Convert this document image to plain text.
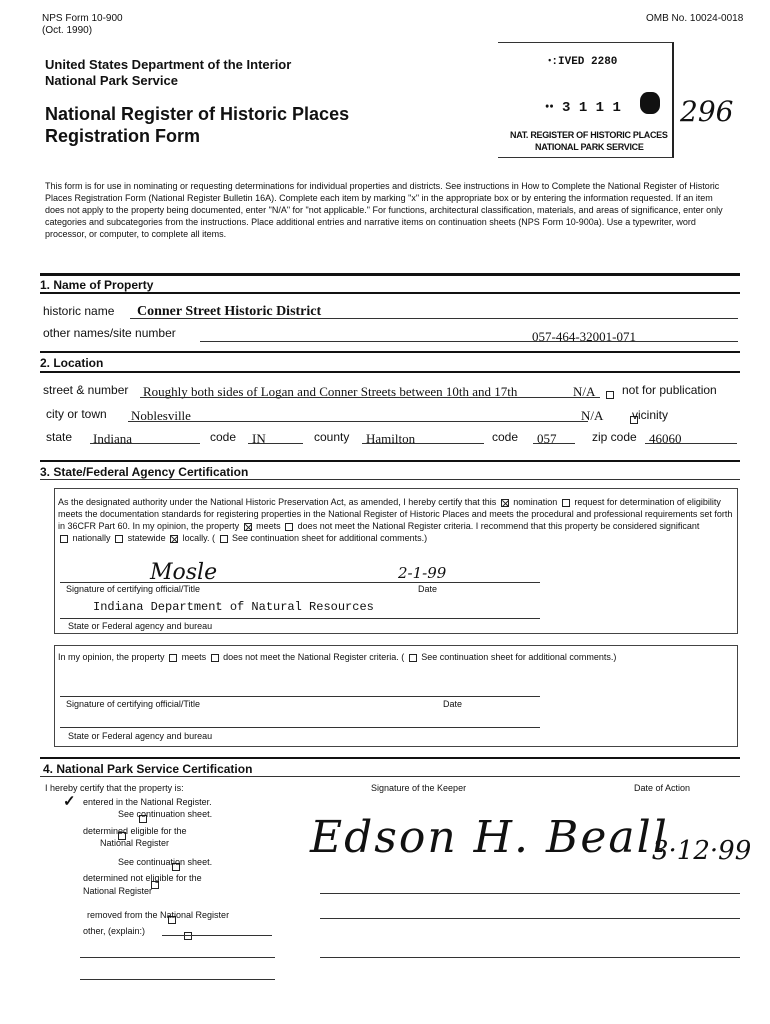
NPS Form 10-900
(Oct. 1990)
OMB No. 10024-0018
United States Department of the Interior
National Park Service
National Register of Historic Places
Registration Form
ꞏ:IVED 2280
ꞏꞏ 3 1 1 1
NAT. REGISTER OF HISTORIC PLACES
NATIONAL PARK SERVICE
296
This form is for use in nominating or requesting determinations for individual properties and districts. See instructions in How to Complete the National Register of Historic Places Registration Form (National Register Bulletin 16A). Complete each item by marking "x" in the appropriate box or by entering the information requested. If an item does not apply to the property being documented, enter "N/A" for "not applicable." For functions, architectural classification, materials, and areas of significance, enter only categories and subcategories from the instructions. Place additional entries and narrative items on continuation sheets (NPS Form 10-900a). Use a typewriter, word processor, or computer, to complete all items.
1. Name of Property
historic name Conner Street Historic District
other names/site number	057-464-32001-071
2. Location
street & number Roughly both sides of Logan and Conner Streets between 10th and 17th	N/A
not for publication
city or town Noblesville	N/A
vicinity
state Indiana	code IN	county Hamilton	code 057	zip code 46060
3. State/Federal Agency Certification
As the designated authority under the National Historic Preservation Act, as amended, I hereby certify that this nomination request for determination of eligibility meets the documentation standards for registering properties in the National Register of Historic Places and meets the procedural and professional requirements set forth in 36CFR Part 60. In my opinion, the property meets does not meet the National Register criteria. I recommend that this property be considered significant
nationally statewide locally. ( See continuation sheet for additional comments.)
Mosle	2-1-99
Signature of certifying official/Title	Date
Indiana Department of Natural Resources
State or Federal agency and bureau
In my opinion, the property meets does not meet the National Register criteria. ( See continuation sheet for additional comments.)
Signature of certifying official/Title	Date
State or Federal agency and bureau
4. National Park Service Certification
I hereby certify that the property is:
✓ entered in the National Register.

See continuation sheet.

determined eligible for the
National Register

See continuation sheet.

determined not eligible for the
National Register

removed from the National Register
other, (explain:)
Signature of the Keeper	Date of Action
Edson H. Beall
3·12·99
